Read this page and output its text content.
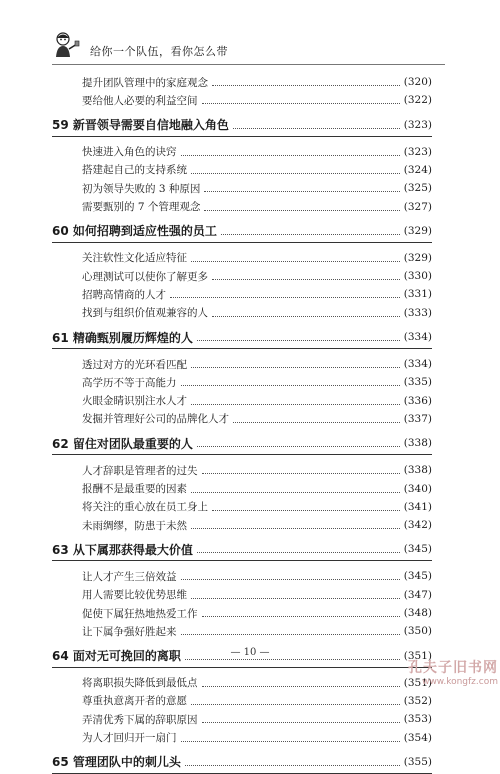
给你一个队伍，看你怎么带
提升团队管理中的家庭观念	(320)
要给他人必要的利益空间	(322)
59 新晋领导需要自信地融入角色	(323)
快速进入角色的诀窍	(323)
搭建起自己的支持系统	(324)
初为领导失败的 3 种原因	(325)
需要甄别的 7 个管理观念	(327)
60 如何招聘到适应性强的员工	(329)
关注软性文化适应特征	(329)
心理测试可以使你了解更多	(330)
招聘高情商的人才	(331)
找到与组织价值观兼容的人	(333)
61 精确甄别履历辉煌的人	(334)
透过对方的光环看匹配	(334)
高学历不等于高能力	(335)
火眼金睛识别注水人才	(336)
发掘并管理好公司的品牌化人才	(337)
62 留住对团队最重要的人	(338)
人才辞职是管理者的过失	(338)
报酬不是最重要的因素	(340)
将关注的重心放在员工身上	(341)
未雨绸缪，防患于未然	(342)
63 从下属那获得最大价值	(345)
让人才产生三倍效益	(345)
用人需要比较优势思维	(347)
促使下属狂热地热爱工作	(348)
让下属争强好胜起来	(350)
64 面对无可挽回的离职	(351)
将离职损失降低到最低点	(351)
尊重执意离开者的意愿	(352)
弄清优秀下属的辞职原因	(353)
为人才回归开一扇门	(354)
65 管理团队中的刺儿头	(355)
— 10 —
孔夫子旧书网
www.kongfz.com
